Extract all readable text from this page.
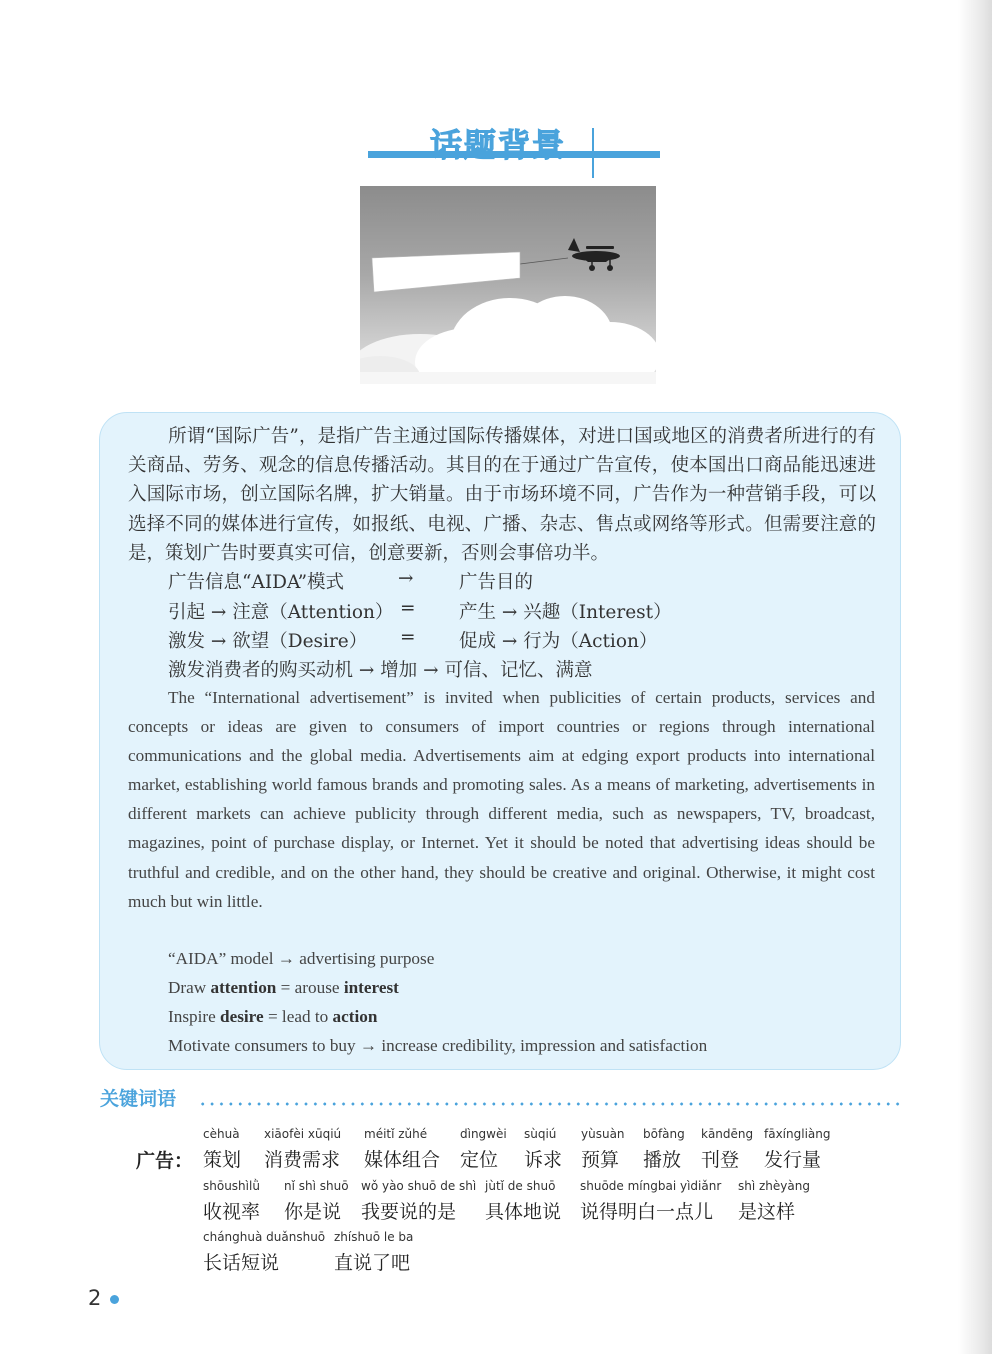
话题背景
所谓“国际广告”，是指广告主通过国际传播媒体，对进口国或地区的消费者所进行的有关商品、劳务、观念的信息传播活动。其目的在于通过广告宣传，使本国出口商品能迅速进入国际市场，创立国际名牌，扩大销量。由于市场环境不同，广告作为一种营销手段，可以选择不同的媒体进行宣传，如报纸、电视、广播、杂志、售点或网络等形式。但需要注意的是，策划广告时要真实可信，创意要新，否则会事倍功半。
广告信息“AIDA”模式	→ 广告目的
引起 → 注意（Attention） = 产生 → 兴趣（Interest）
激发 → 欲望（Desire） = 促成 → 行为（Action）
激发消费者的购买动机 → 增加 → 可信、记忆、满意
The “International advertisement” is invited when publicities of certain products, services and concepts or ideas are given to consumers of import countries or regions through international communications and the global media. Advertisements aim at edging export products into international market, establishing world famous brands and promoting sales. As a means of marketing, advertisements in different markets can achieve publicity through different media, such as newspapers, TV, broadcast, magazines, point of purchase display, or Internet. Yet it should be noted that advertising ideas should be truthful and credible, and on the other hand, they should be creative and original. Otherwise, it might cost much but win little.
“AIDA” model → advertising purpose
Draw attention = arouse interest
Inspire desire = lead to action
Motivate consumers to buy → increase credibility, impression and satisfaction
关键词语
广告：
cèhuà
策划
xiāofèi xūqiú
消费需求
méitǐ zǔhé
媒体组合
dìngwèi
定位
sùqiú
诉求
yùsuàn
预算
bōfàng
播放
kāndēng
刊登
fāxíngliàng
发行量
shōushìlǜ
收视率
nǐ shì shuō
你是说
wǒ yào shuō de shì
我要说的是
jùtǐ de shuō
具体地说
shuōde míngbai yìdiǎnr
说得明白一点儿
shì zhèyàng
是这样
chánghuà duǎnshuō
长话短说
zhíshuō le ba
直说了吧
2
